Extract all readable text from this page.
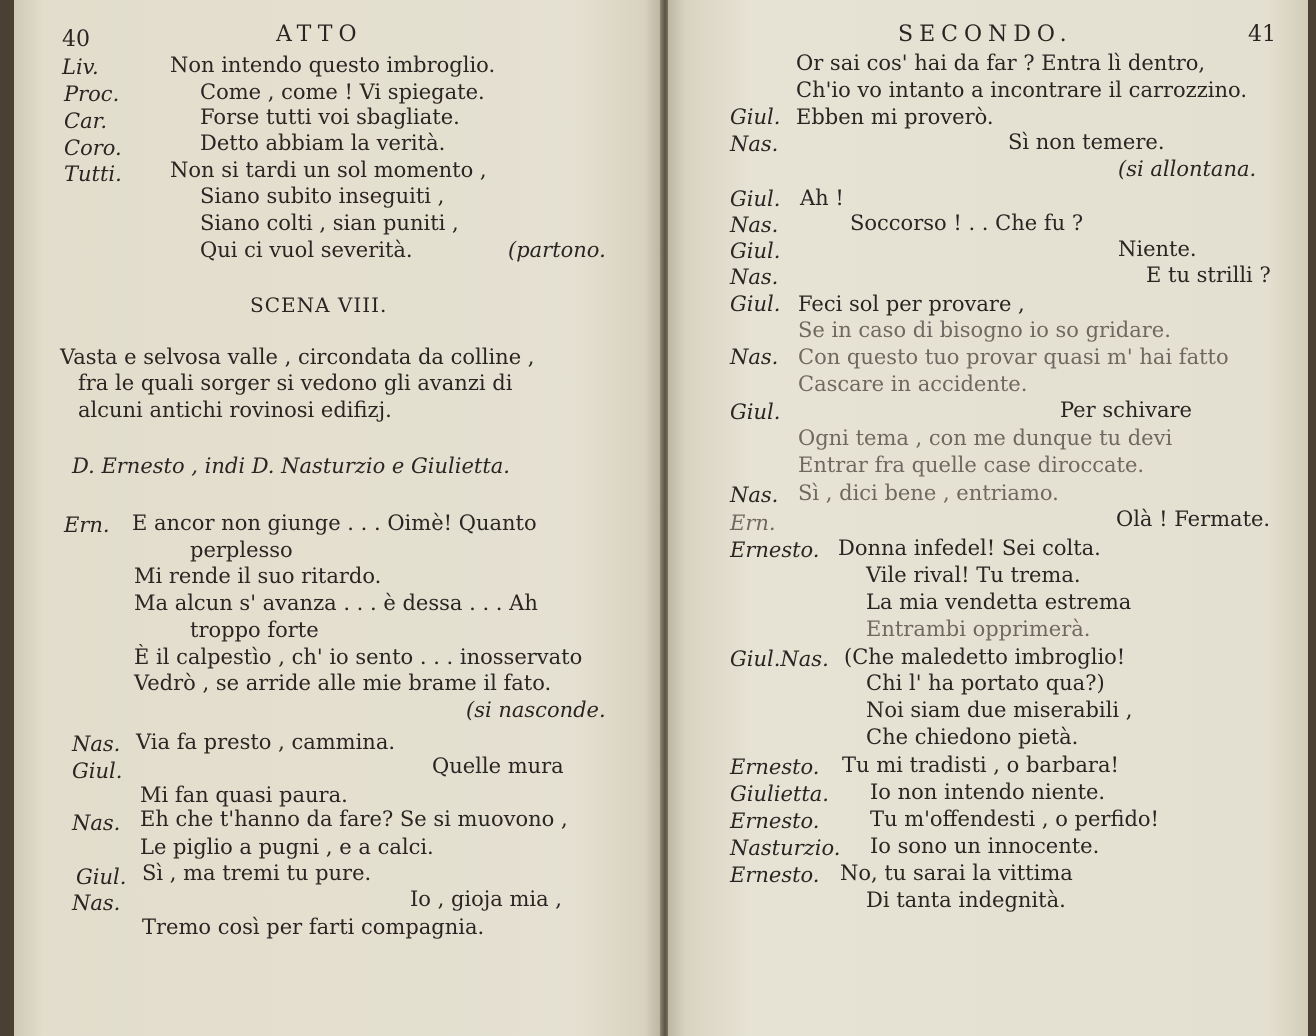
40	ATTO
Liv.	Non intendo questo imbroglio.
Proc.	Come , come ! Vi spiegate.
Car.	Forse tutti voi sbagliate.
Coro.	Detto abbiam la verità.
Tutti. Non si tardi un sol momento ,
Siano subito inseguiti ,
Siano colti , sian puniti ,
Qui ci vuol severità.	(partono.
SCENA VIII.
Vasta e selvosa valle , circondata da colline ,
fra le quali sorger si vedono gli avanzi di
alcuni antichi rovinosi edifizj.
D. Ernesto , indi D. Nasturzio e Giulietta.
Ern. E ancor non giunge . . . Oimè! Quanto
perplesso
Mi rende il suo ritardo.
Ma alcun s' avanza . . . è dessa . . . Ah
troppo forte
È il calpestìo , ch' io sento . . . inosservato
Vedrò , se arride alle mie brame il fato.
(si nasconde.
Nas. Via fa presto , cammina.
Giul.	Quelle mura
Mi fan quasi paura.
Nas. Eh che t'hanno da fare? Se si muovono ,
Le piglio a pugni , e a calci.
Giul. Sì , ma tremi tu pure.
Nas.	Io , gioja mia ,
Tremo così per farti compagnia.
SECONDO.	41
Or sai cos' hai da far ? Entra lì dentro,
Ch'io vo intanto a incontrare il carrozzino.
Giul. Ebben mi proverò.
Nas.	Sì non temere.
(si allontana.
Giul. Ah !
Nas.	Soccorso ! . . Che fu ?
Giul.	Niente.
Nas.	E tu strilli ?
Giul. Feci sol per provare ,
Se in caso di bisogno io so gridare.
Nas. Con questo tuo provar quasi m' hai fatto
Cascare in accidente.
Giul.	Per schivare
Ogni tema , con me dunque tu devi
Entrar fra quelle case diroccate.
Nas. Sì , dici bene , entriamo.
Ern.	Olà ! Fermate.
Ernesto. Donna infedel! Sei colta.
Vile rival! Tu trema.
La mia vendetta estrema
Entrambi opprimerà.
Giul.Nas. (Che maledetto imbroglio!
Chi l' ha portato qua?)
Noi siam due miserabili ,
Che chiedono pietà.
Ernesto. Tu mi tradisti , o barbara!
Giulietta. Io non intendo niente.
Ernesto. Tu m'offendesti , o perfido!
Nasturzio. Io sono un innocente.
Ernesto. No, tu sarai la vittima
Di tanta indegnità.
